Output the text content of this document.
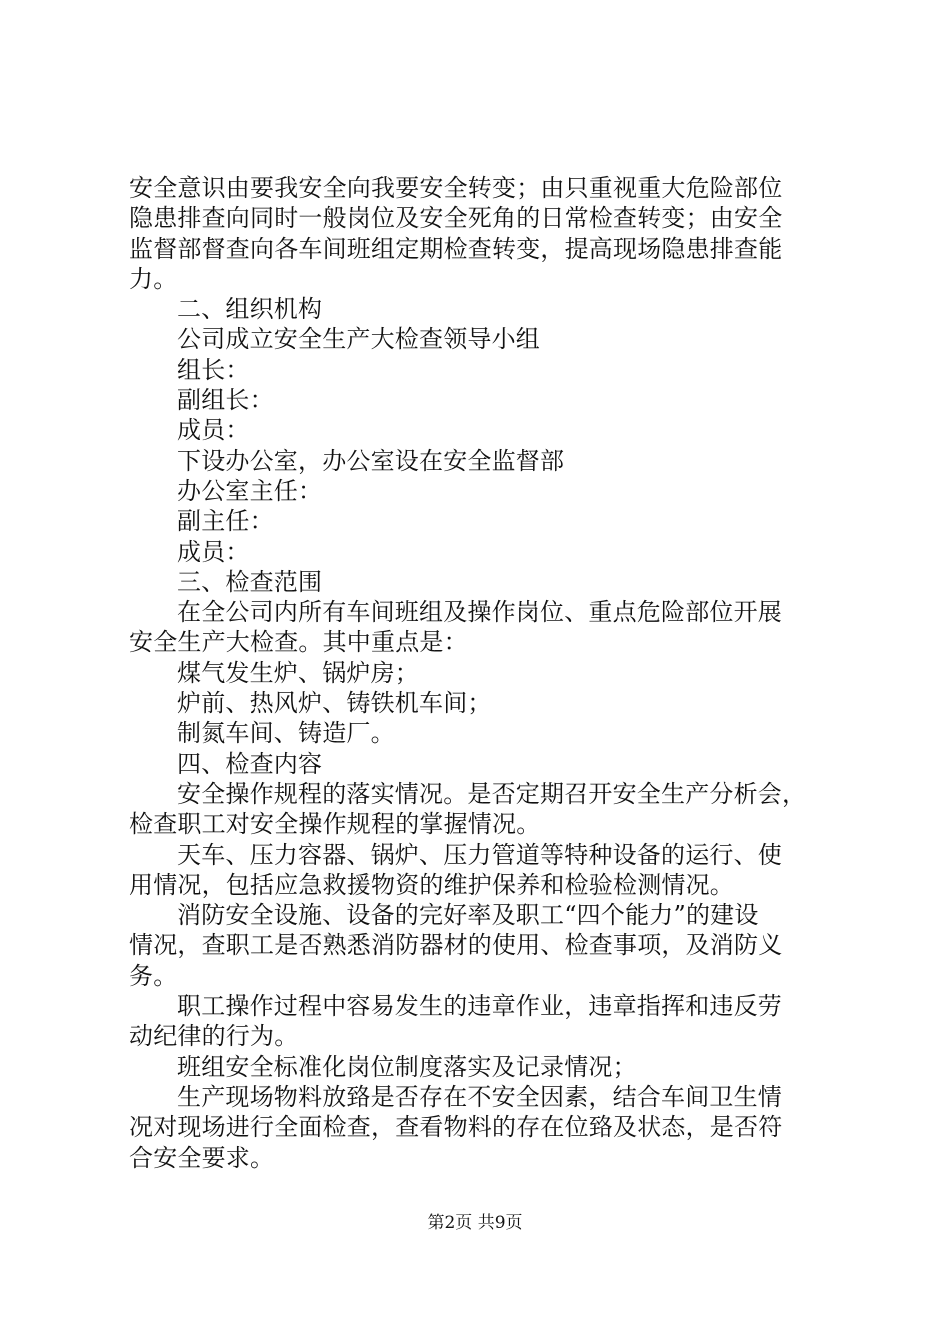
安全意识由要我安全向我要安全转变；由只重视重大危险部位
隐患排查向同时一般岗位及安全死角的日常检查转变；由安全
监督部督查向各车间班组定期检查转变，提高现场隐患排查能
力。
二、组织机构
公司成立安全生产大检查领导小组
组长：
副组长：
成员：
下设办公室，办公室设在安全监督部
办公室主任：
副主任：
成员：
三、检查范围
在全公司内所有车间班组及操作岗位、重点危险部位开展
安全生产大检查。其中重点是：
煤气发生炉、锅炉房；
炉前、热风炉、铸铁机车间；
制氮车间、铸造厂。
四、检查内容
安全操作规程的落实情况。是否定期召开安全生产分析会，
检查职工对安全操作规程的掌握情况。
天车、压力容器、锅炉、压力管道等特种设备的运行、使
用情况，包括应急救援物资的维护保养和检验检测情况。
消防安全设施、设备的完好率及职工“四个能力”的建设
情况，查职工是否熟悉消防器材的使用、检查事项，及消防义
务。
职工操作过程中容易发生的违章作业，违章指挥和违反劳
动纪律的行为。
班组安全标准化岗位制度落实及记录情况；
生产现场物料放臵是否存在不安全因素，结合车间卫生情
况对现场进行全面检查，查看物料的存在位臵及状态，是否符
合安全要求。
第2页 共9页
